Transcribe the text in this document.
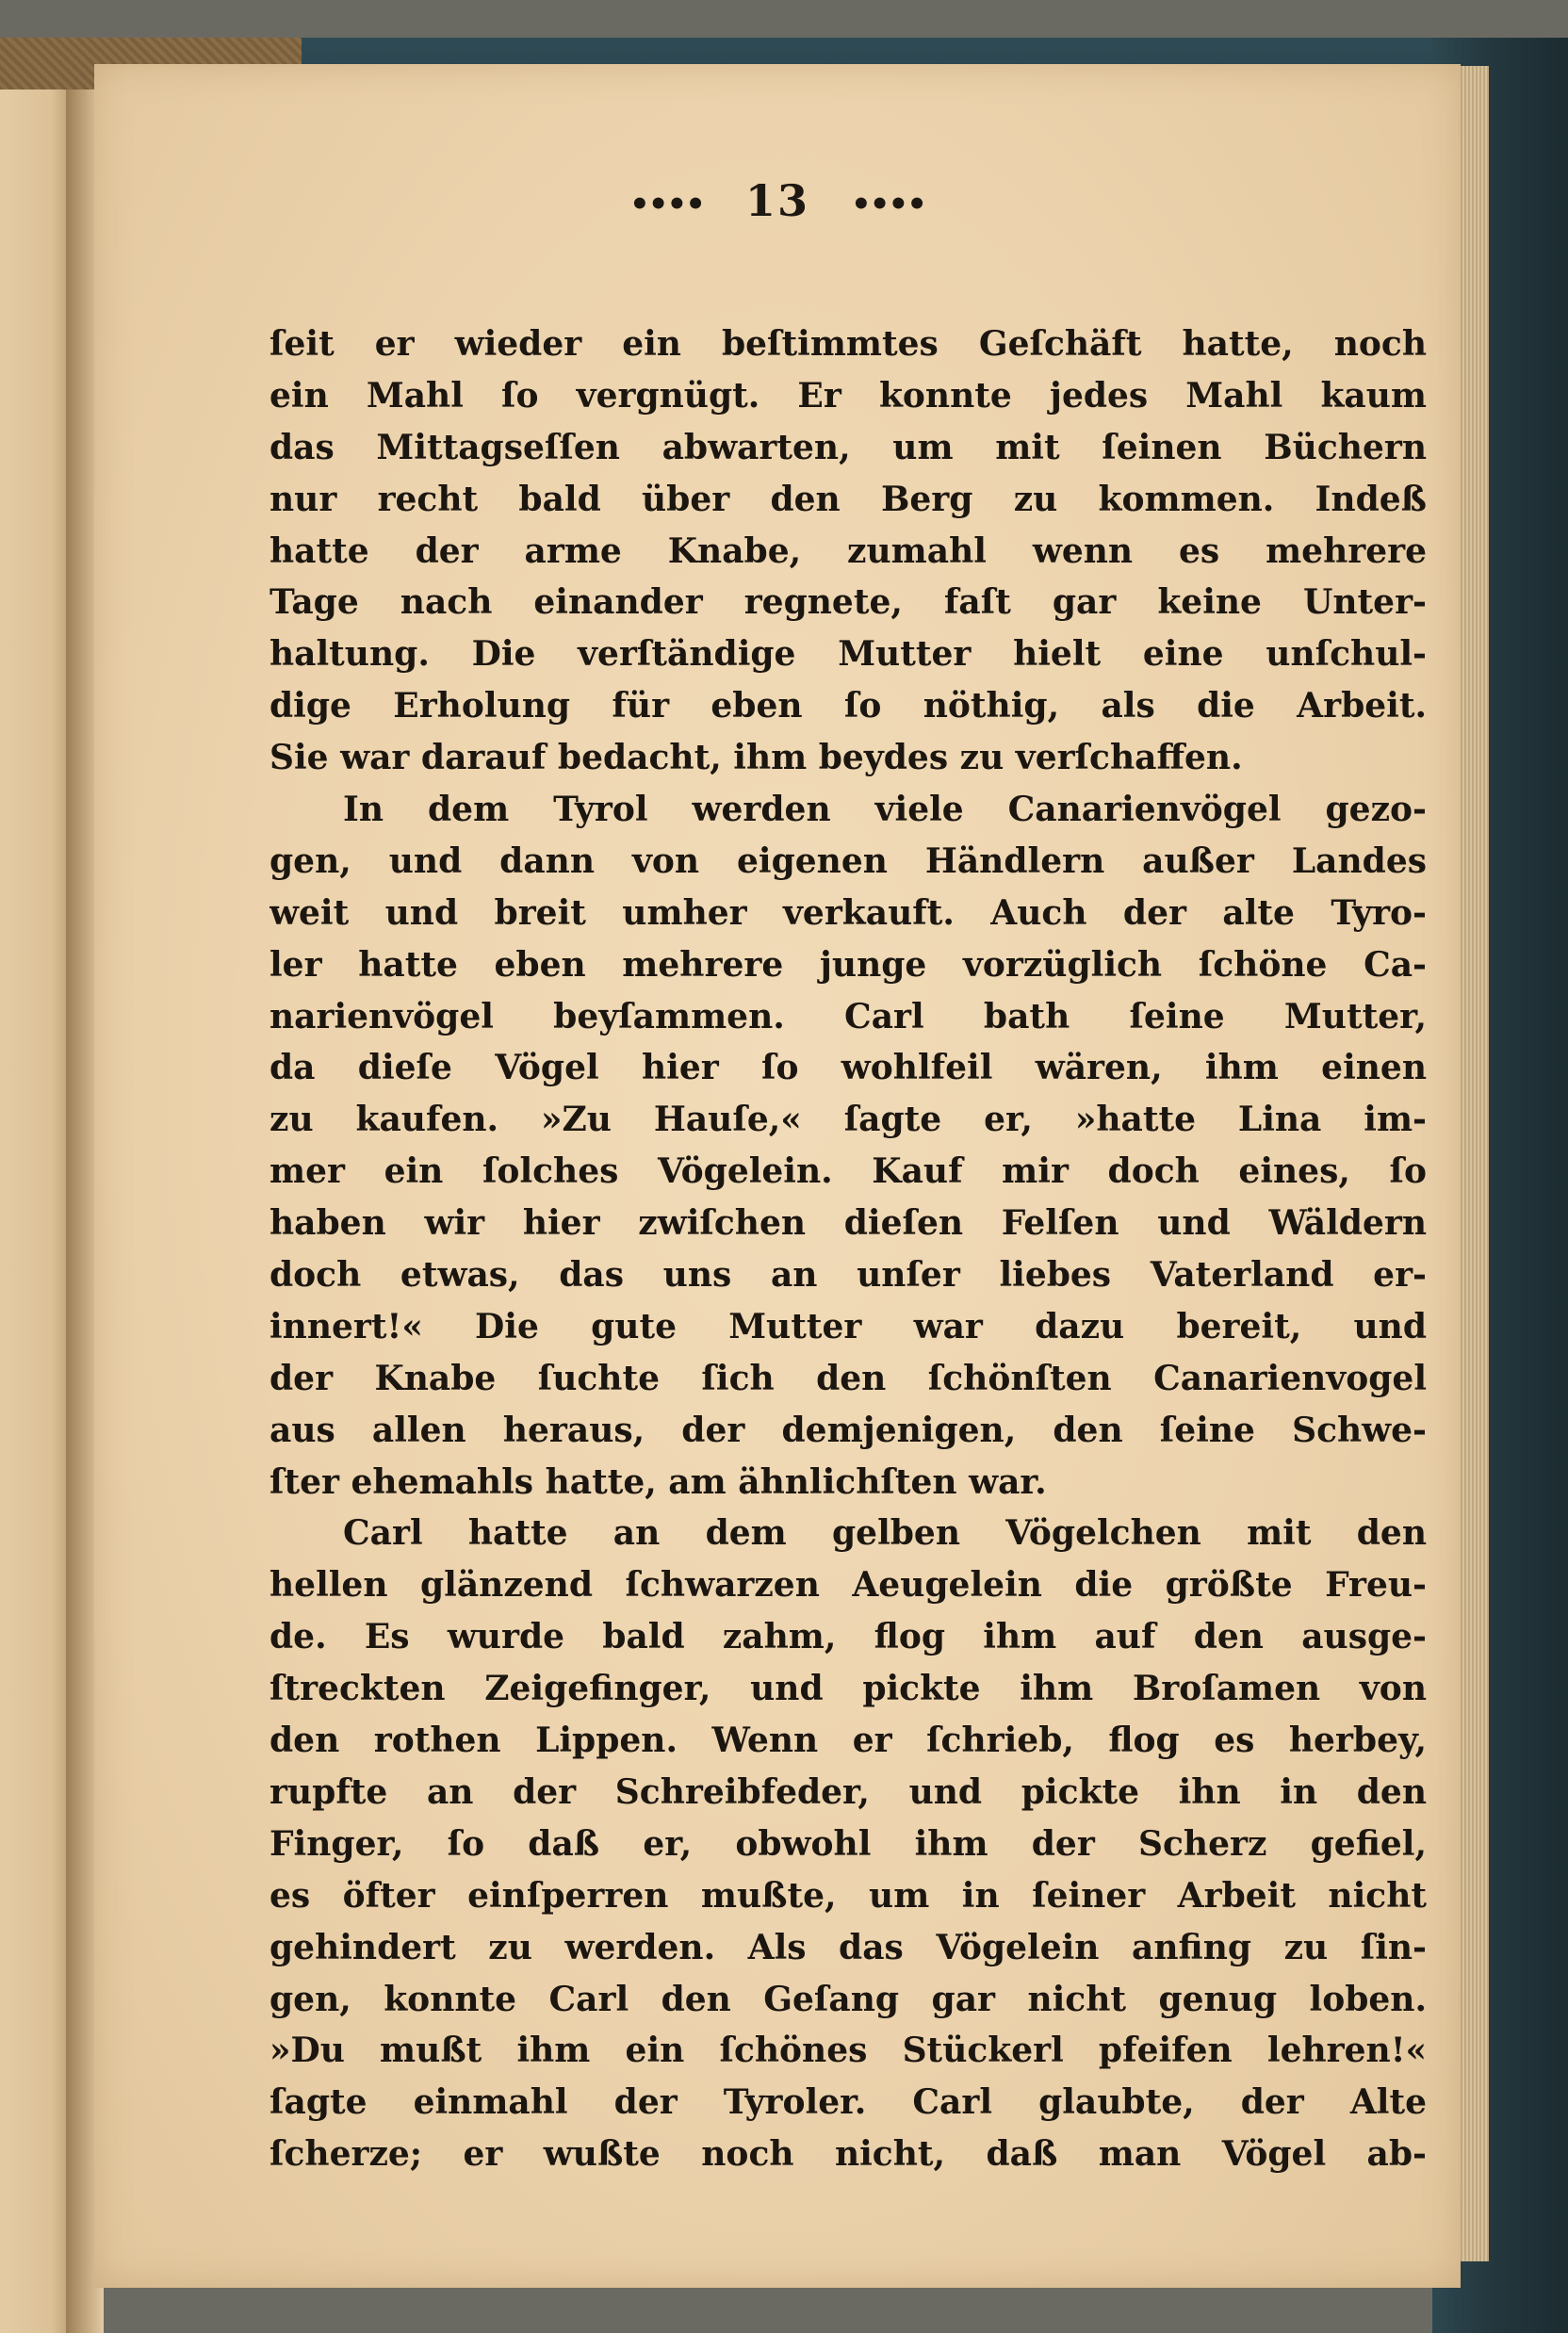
•••• 13 ••••
ſeit er wieder ein beſtimmtes Geſchäft hatte, noch
ein Mahl ſo vergnügt. Er konnte jedes Mahl kaum
das Mittagseſſen abwarten, um mit ſeinen Büchern
nur recht bald über den Berg zu kommen. Indeß
hatte der arme Knabe, zumahl wenn es mehrere
Tage nach einander regnete, faſt gar keine Unter-
haltung. Die verſtändige Mutter hielt eine unſchul-
dige Erholung für eben ſo nöthig, als die Arbeit.
Sie war darauf bedacht, ihm beydes zu verſchaffen.
In dem Tyrol werden viele Canarienvögel gezo-
gen, und dann von eigenen Händlern außer Landes
weit und breit umher verkauft. Auch der alte Tyro-
ler hatte eben mehrere junge vorzüglich ſchöne Ca-
narienvögel beyſammen. Carl bath ſeine Mutter,
da dieſe Vögel hier ſo wohlfeil wären, ihm einen
zu kaufen. »Zu Hauſe,« ſagte er, »hatte Lina im-
mer ein ſolches Vögelein. Kauf mir doch eines, ſo
haben wir hier zwiſchen dieſen Felſen und Wäldern
doch etwas, das uns an unſer liebes Vaterland er-
innert!« Die gute Mutter war dazu bereit, und
der Knabe ſuchte ſich den ſchönſten Canarienvogel
aus allen heraus, der demjenigen, den ſeine Schwe-
ſter ehemahls hatte, am ähnlichſten war.
Carl hatte an dem gelben Vögelchen mit den
hellen glänzend ſchwarzen Aeugelein die größte Freu-
de. Es wurde bald zahm, flog ihm auf den ausge-
ſtreckten Zeigefinger, und pickte ihm Broſamen von
den rothen Lippen. Wenn er ſchrieb, flog es herbey,
rupfte an der Schreibfeder, und pickte ihn in den
Finger, ſo daß er, obwohl ihm der Scherz gefiel,
es öfter einſperren mußte, um in ſeiner Arbeit nicht
gehindert zu werden. Als das Vögelein anfing zu ſin-
gen, konnte Carl den Geſang gar nicht genug loben.
»Du mußt ihm ein ſchönes Stückerl pfeifen lehren!«
ſagte einmahl der Tyroler. Carl glaubte, der Alte
ſcherze; er wußte noch nicht, daß man Vögel ab-
